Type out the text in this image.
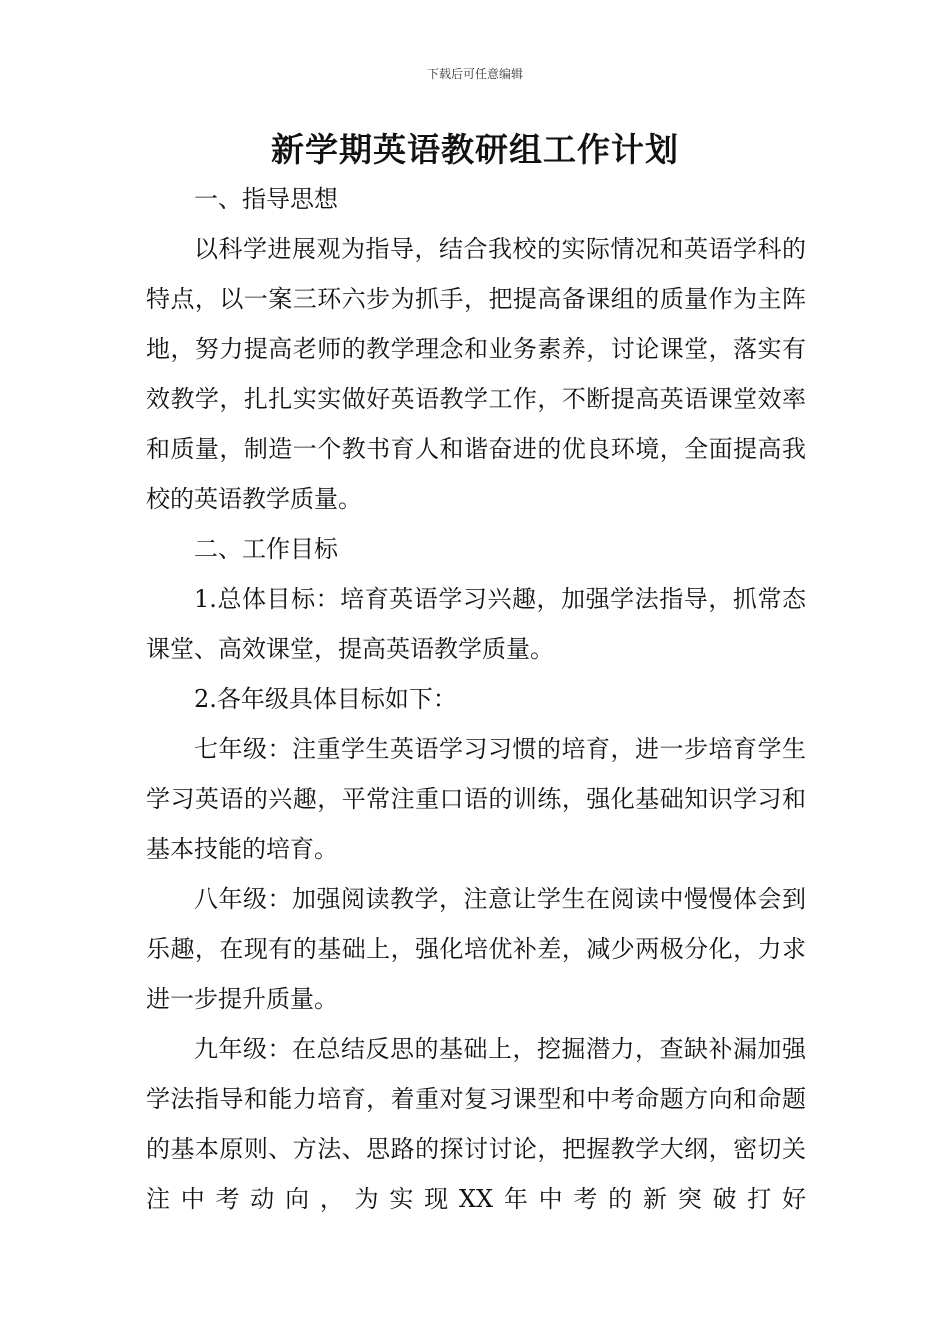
下载后可任意编辑
新学期英语教研组工作计划

一、指导思想

以科学进展观为指导，结合我校的实际情况和英语学科的特点，以一案三环六步为抓手，把提高备课组的质量作为主阵地，努力提高老师的教学理念和业务素养，讨论课堂，落实有效教学，扎扎实实做好英语教学工作，不断提高英语课堂效率和质量，制造一个教书育人和谐奋进的优良环境，全面提高我校的英语教学质量。

二、工作目标

1.总体目标：培育英语学习兴趣，加强学法指导，抓常态课堂、高效课堂，提高英语教学质量。

2.各年级具体目标如下：

七年级：注重学生英语学习习惯的培育，进一步培育学生学习英语的兴趣，平常注重口语的训练，强化基础知识学习和基本技能的培育。

八年级：加强阅读教学，注意让学生在阅读中慢慢体会到乐趣，在现有的基础上，强化培优补差，减少两极分化，力求进一步提升质量。

九年级：在总结反思的基础上，挖掘潜力，查缺补漏加强学法指导和能力培育，着重对复习课型和中考命题方向和命题的基本原则、方法、思路的探讨讨论，把握教学大纲，密切关注中考动向，为实现XX年中考的新突破打好
